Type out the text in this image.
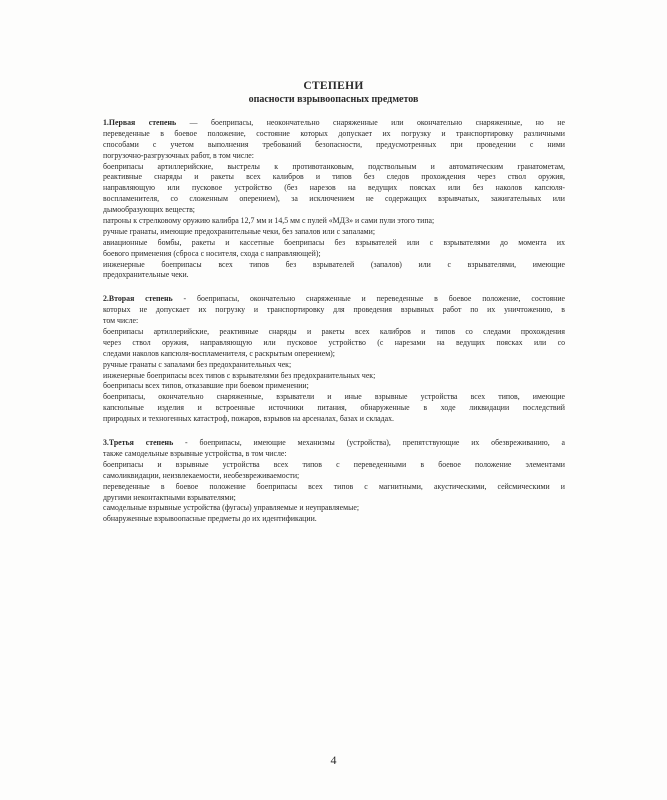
СТЕПЕНИ
опасности взрывоопасных предметов
1.Первая степень — боеприпасы, неокончательно снаряженные или окончательно снаряженные, но не
переведенные в боевое положение, состояние которых допускает их погрузку и транспортировку различными
способами с учетом выполнения требований безопасности, предусмотренных при проведении с ними
погрузочно-разгрузочных работ, в том числе:
боеприпасы артиллерийские, выстрелы к противотанковым, подствольным и автоматическим гранатометам,
реактивные снаряды и ракеты всех калибров и типов без следов прохождения через ствол оружия,
направляющую или пусковое устройство (без нарезов на ведущих поясках или без наколов капсюля-
воспламенителя, со сложенным оперением), за исключением не содержащих взрывчатых, зажигательных или
дымообразующих веществ;
патроны к стрелковому оружию калибра 12,7 мм и 14,5 мм с пулей «МДЗ» и сами пули этого типа;
ручные гранаты, имеющие предохранительные чеки, без запалов или с запалами;
авиационные бомбы, ракеты и кассетные боеприпасы без взрывателей или с взрывателями до момента их
боевого применения (сброса с носителя, схода с направляющей);
инженерные боеприпасы всех типов без взрывателей (запалов) или с взрывателями, имеющие
предохранительные чеки.
2.Вторая степень - боеприпасы, окончательно снаряженные и переведенные в боевое положение, состояние
которых не допускает их погрузку и транспортировку для проведения взрывных работ по их уничтожению, в
том числе:
боеприпасы артиллерийские, реактивные снаряды и ракеты всех калибров и типов со следами прохождения
через ствол оружия, направляющую или пусковое устройство (с нарезами на ведущих поясках или со
следами наколов капсюля-воспламенителя, с раскрытым оперением);
ручные гранаты с запалами без предохранительных чек;
инженерные боеприпасы всех типов с взрывателями без предохранительных чек;
боеприпасы всех типов, отказавшие при боевом применении;
боеприпасы, окончательно снаряженные, взрыватели и иные взрывные устройства всех типов, имеющие
капсюльные изделия и встроенные источники питания, обнаруженные в ходе ликвидации последствий
природных и техногенных катастроф, пожаров, взрывов на арсеналах, базах и складах.
3.Третья степень - боеприпасы, имеющие механизмы (устройства), препятствующие их обезвреживанию, а
также самодельные взрывные устройства, в том числе:
боеприпасы и взрывные устройства всех типов с переведенными в боевое положение элементами
самоликвидации, неизвлекаемости, необезвреживаемости;
переведенные в боевое положение боеприпасы всех типов с магнитными, акустическими, сейсмическими и
другими неконтактными взрывателями;
самодельные взрывные устройства (фугасы) управляемые и неуправляемые;
обнаруженные взрывоопасные предметы до их идентификации.
4
